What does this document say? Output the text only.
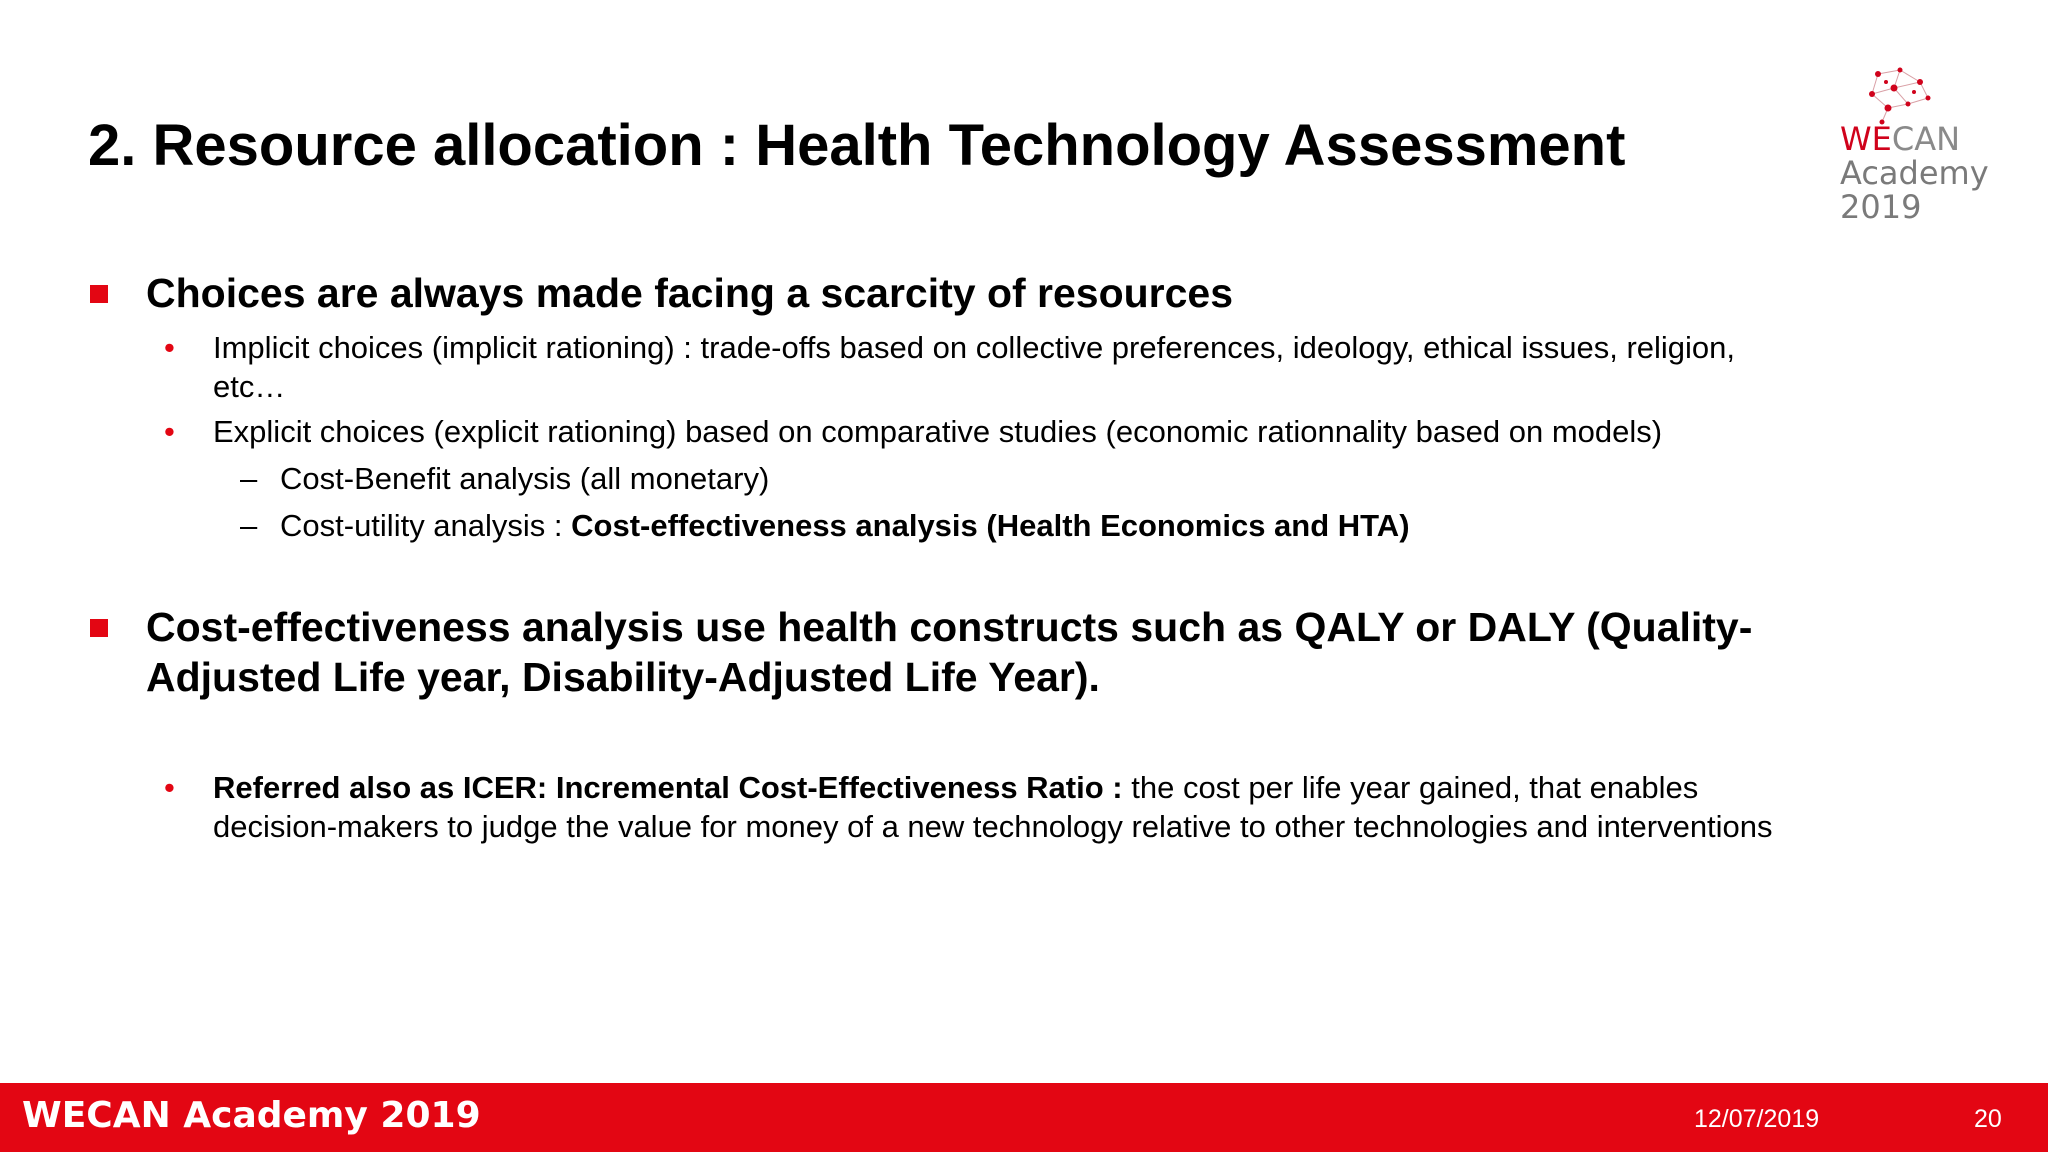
2. Resource allocation : Health Technology Assessment	WECAN
Academy
2019
Choices are always made facing a scarcity of resources
• Implicit choices (implicit rationing) : trade-offs based on collective preferences, ideology, ethical issues, religion,
etc…
• Explicit choices (explicit rationing) based on comparative studies (economic rationnality based on models)
– Cost-Benefit analysis (all monetary)
– Cost-utility analysis : Cost-effectiveness analysis (Health Economics and HTA)
Cost-effectiveness analysis use health constructs such as QALY or DALY (Quality-
Adjusted Life year, Disability-Adjusted Life Year).
• Referred also as ICER: Incremental Cost-Effectiveness Ratio : the cost per life year gained, that enables
decision-makers to judge the value for money of a new technology relative to other technologies and interventions
WECAN Academy 2019	12/07/2019	20
